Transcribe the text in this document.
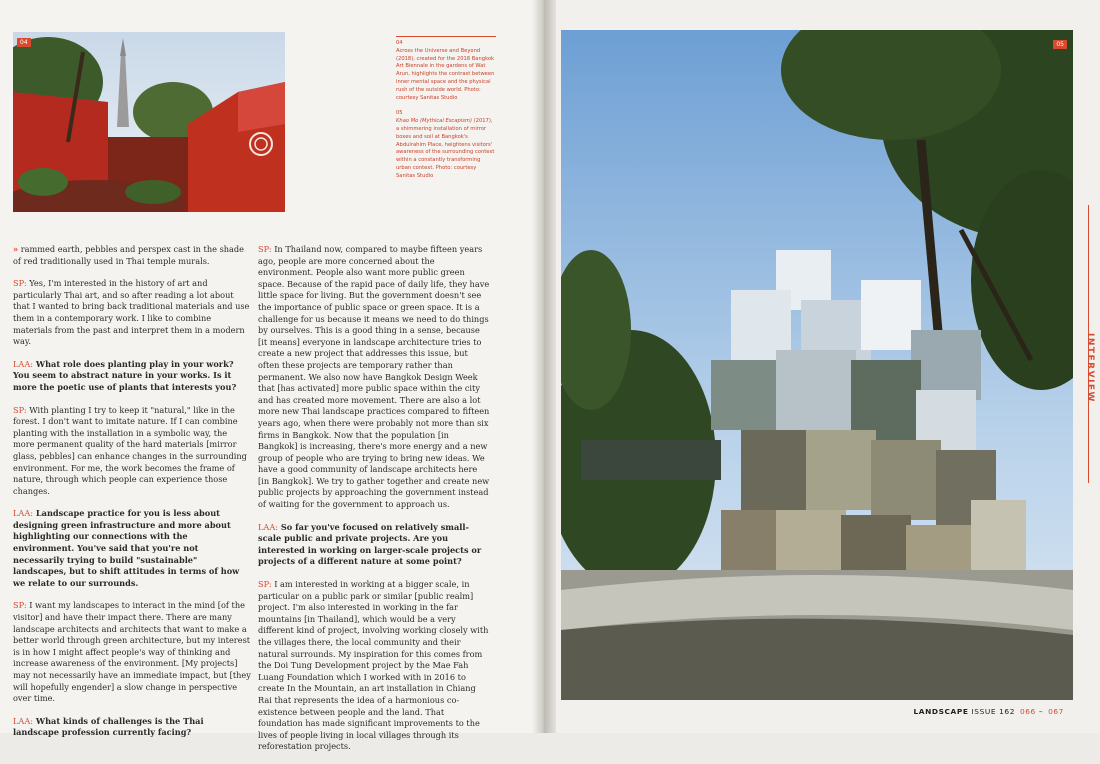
04	04
Across the Universe and Beyond (2018), created for the 2018 Bangkok Art Biennale in the gardens of Wat Arun, highlights the contrast between inner mental space and the physical rush of the outside world. Photo: courtesy Sanitas Studio
05
Khao Mo (Mythical Escapism) (2017), a shimmering installation of mirror boxes and soil at Bangkok's Abdulrahim Place, heightens visitors' awareness of the surrounding context within a constantly transforming urban context. Photo: courtesy Sanitas Studio

» rammed earth, pebbles and perspex cast in the shade of red traditionally used in Thai temple murals.

SP: Yes, I'm interested in the history of art and particularly Thai art, and so after reading a lot about that I wanted to bring back traditional materials and use them in a contemporary work. I like to combine materials from the past and interpret them in a modern way.

LAA: What role does planting play in your work? You seem to abstract nature in your works. Is it more the poetic use of plants that interests you?

SP: With planting I try to keep it "natural," like in the forest. I don't want to imitate nature. If I can combine planting with the installation in a symbolic way, the more permanent quality of the hard materials [mirror glass, pebbles] can enhance changes in the surrounding environment. For me, the work becomes the frame of nature, through which people can experience those changes.

LAA: Landscape practice for you is less about designing green infrastructure and more about highlighting our connections with the environment. You've said that you're not necessarily trying to build "sustainable" landscapes, but to shift attitudes in terms of how we relate to our surrounds.

SP: I want my landscapes to interact in the mind [of the visitor] and have their impact there. There are many landscape architects and architects that want to make a better world through green architecture, but my interest is in how I might affect people's way of thinking and increase awareness of the environment. [My projects] may not necessarily have an immediate impact, but [they will hopefully engender] a slow change in perspective over time.

LAA: What kinds of challenges is the Thai landscape profession currently facing?

SP: In Thailand now, compared to maybe fifteen years ago, people are more concerned about the environment. People also want more public green space. Because of the rapid pace of daily life, they have little space for living. But the government doesn't see the importance of public space or green space. It is a challenge for us because it means we need to do things by ourselves. This is a good thing in a sense, because [it means] everyone in landscape architecture tries to create a new project that addresses this issue, but often these projects are temporary rather than permanent. We also now have Bangkok Design Week that [has activated] more public space within the city and has created more movement. There are also a lot more new Thai landscape practices compared to fifteen years ago, when there were probably not more than six firms in Bangkok. Now that the population [in Bangkok] is increasing, there's more energy and a new group of people who are trying to bring new ideas. We have a good community of landscape architects here [in Bangkok]. We try to gather together and create new public projects by approaching the government instead of waiting for the government to approach us.

LAA: So far you've focused on relatively small-scale public and private projects. Are you interested in working on larger-scale projects or projects of a different nature at some point?

SP: I am interested in working at a bigger scale, in particular on a public park or similar [public realm] project. I'm also interested in working in the far mountains [in Thailand], which would be a very different kind of project, involving working closely with the villages there, the local community and their natural surrounds. My inspiration for this comes from the Doi Tung Development project by the Mae Fah Luang Foundation which I worked with in 2016 to create In the Mountain, an art installation in Chiang Rai that represents the idea of a harmonious co-existence between people and the land. That foundation has made significant improvements to the lives of people living in local villages through its reforestation projects.

05
INTERVIEW
LANDSCAPE ISSUE 162 066 – 067
